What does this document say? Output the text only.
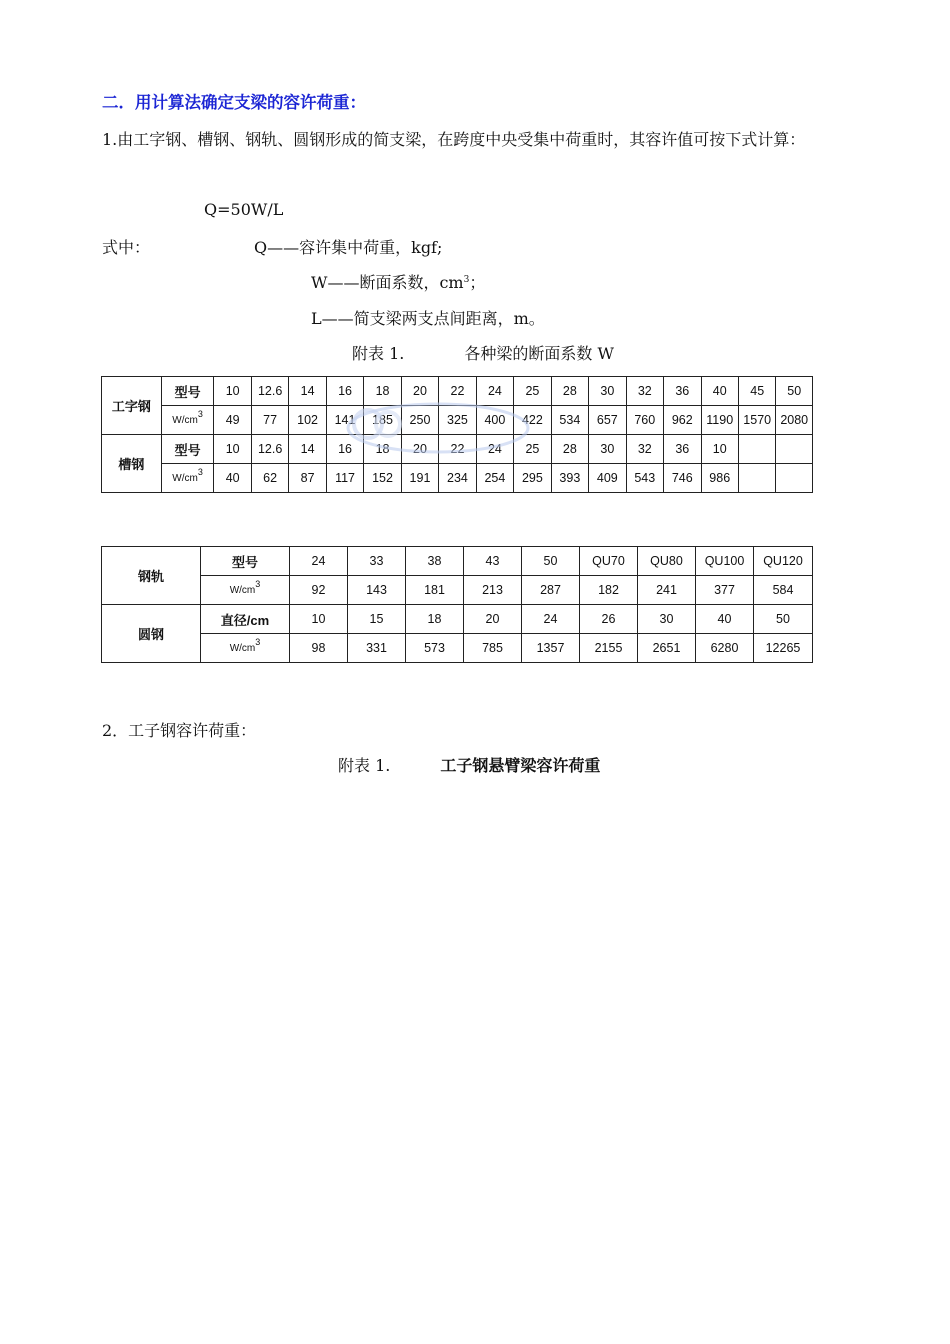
二．用计算法确定支梁的容许荷重：
1.由工字钢、槽钢、钢轨、圆钢形成的简支梁，在跨度中央受集中荷重时，其容许值可按下式计算：
Q=50W/L
式中：	Q——容许集中荷重，kgf;
W——断面系数，$cm^3$；
L——简支梁两支点间距离，m。
附表 1.	各种梁的断面系数 W
工字钢	型号	10	12.6	14	16	18	20	22	24	25	28	30	32	36	40	45	50
	$W/cm^3$	49	77	102	141	185	250	325	400	422	534	657	760	962	1190	1570	2080
槽钢	型号	10	12.6	14	16	18	20	22	24	25	28	30	32	36	10		
	$W/cm^3$	40	62	87	117	152	191	234	254	295	393	409	543	746	986		
钢轨	型号	24	33	38	43	50	QU70	QU80	QU100	QU120
	$W/cm^3$	92	143	181	213	287	182	241	377	584
圆钢	直径/cm	10	15	18	20	24	26	30	40	50
	$W/cm^3$	98	331	573	785	1357	2155	2651	6280	12265
2．工子钢容许荷重：
附表 1.	工子钢悬臂梁容许荷重
